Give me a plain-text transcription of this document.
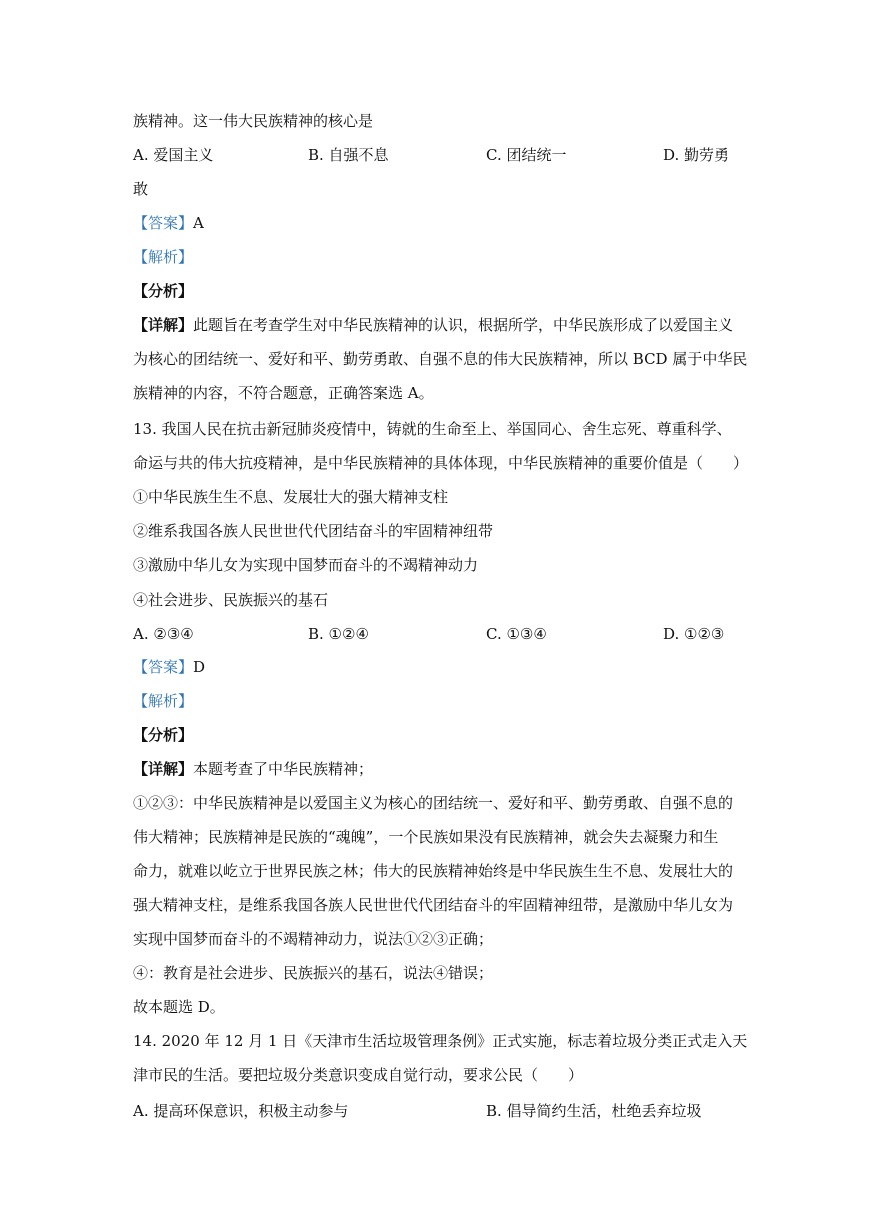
族精神。这一伟大民族精神的核心是
A. 爱国主义	B. 自强不息	C. 团结统一	D. 勤劳勇
敢
【答案】A
【解析】
【分析】
【详解】此题旨在考查学生对中华民族精神的认识，根据所学，中华民族形成了以爱国主义
为核心的团结统一、爱好和平、勤劳勇敢、自强不息的伟大民族精神，所以 BCD 属于中华民
族精神的内容，不符合题意，正确答案选 A。
13. 我国人民在抗击新冠肺炎疫情中，铸就的生命至上、举国同心、舍生忘死、尊重科学、
命运与共的伟大抗疫精神，是中华民族精神的具体体现，中华民族精神的重要价值是（　　）
①中华民族生生不息、发展壮大的强大精神支柱
②维系我国各族人民世世代代团结奋斗的牢固精神纽带
③激励中华儿女为实现中国梦而奋斗的不竭精神动力
④社会进步、民族振兴的基石
A. ②③④	B. ①②④	C. ①③④	D. ①②③
【答案】D
【解析】
【分析】
【详解】本题考查了中华民族精神；
①②③：中华民族精神是以爱国主义为核心的团结统一、爱好和平、勤劳勇敢、自强不息的
伟大精神；民族精神是民族的“魂魄”，一个民族如果没有民族精神，就会失去凝聚力和生
命力，就难以屹立于世界民族之林；伟大的民族精神始终是中华民族生生不息、发展壮大的
强大精神支柱，是维系我国各族人民世世代代团结奋斗的牢固精神纽带，是激励中华儿女为
实现中国梦而奋斗的不竭精神动力，说法①②③正确；
④：教育是社会进步、民族振兴的基石，说法④错误；
故本题选 D。
14. 2020 年 12 月 1 日《天津市生活垃圾管理条例》正式实施，标志着垃圾分类正式走入天
津市民的生活。要把垃圾分类意识变成自觉行动，要求公民（　　）
A. 提高环保意识，积极主动参与	B. 倡导简约生活，杜绝丢弃垃圾
